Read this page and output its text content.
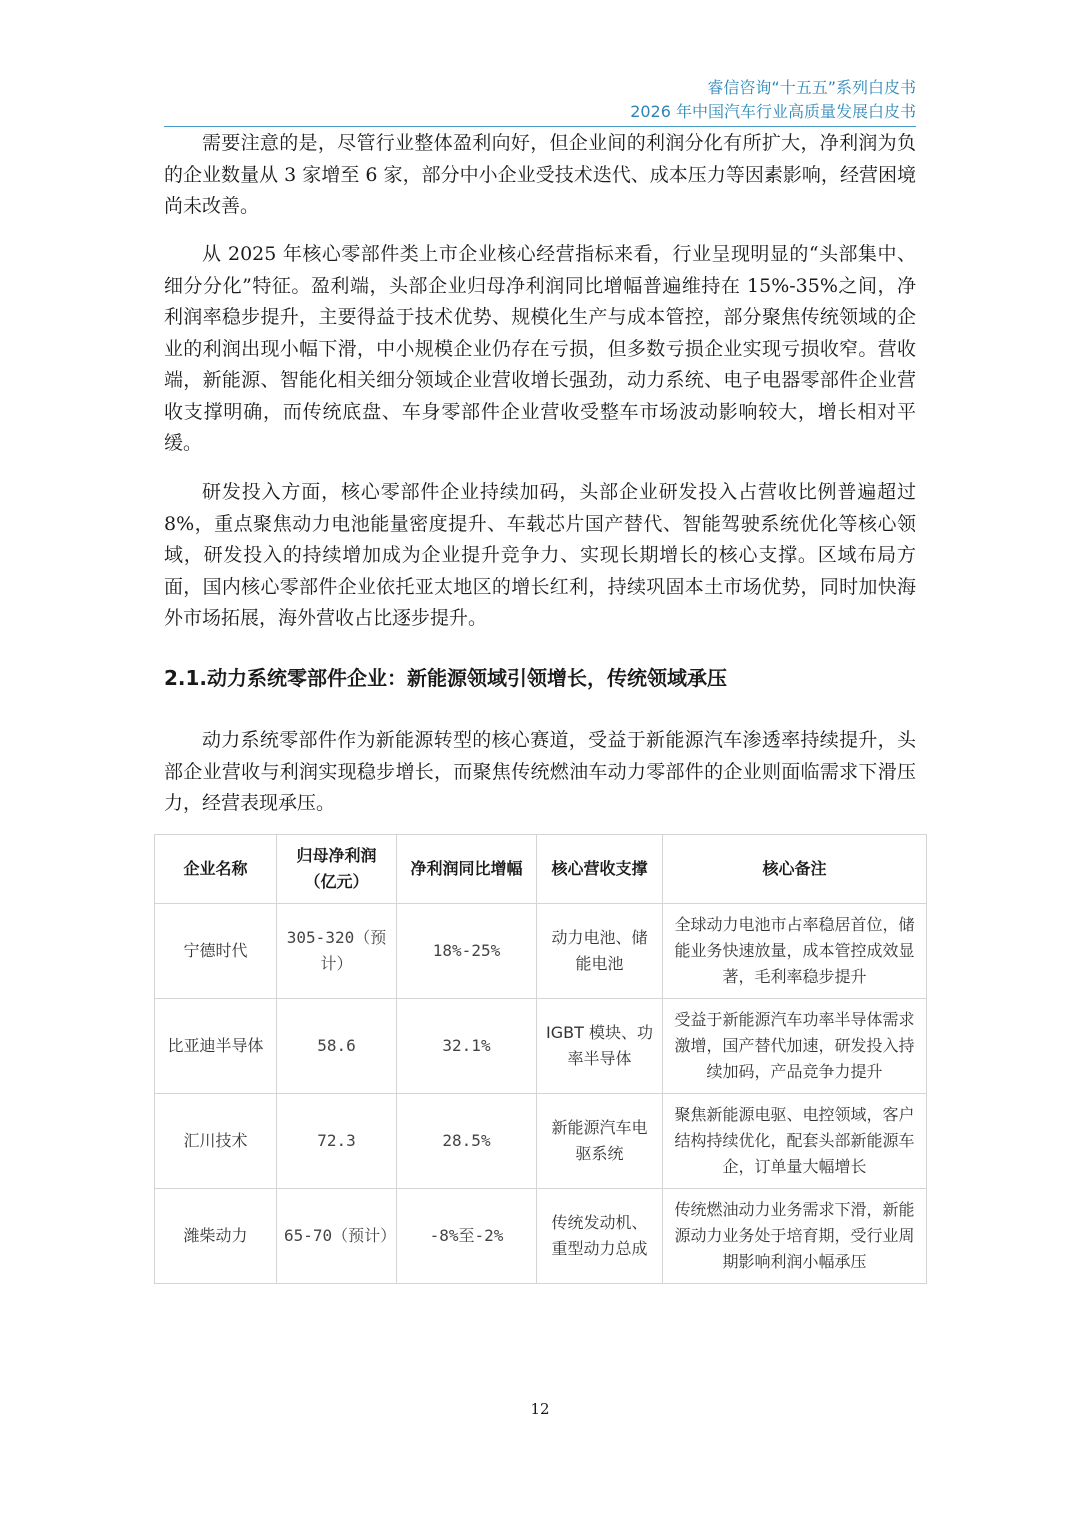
睿信咨询“十五五”系列白皮书
2026 年中国汽车行业高质量发展白皮书

需要注意的是，尽管行业整体盈利向好，但企业间的利润分化有所扩大，净利润为负的企业数量从 3 家增至 6 家，部分中小企业受技术迭代、成本压力等因素影响，经营困境尚未改善。

从 2025 年核心零部件类上市企业核心经营指标来看，行业呈现明显的“头部集中、细分分化”特征。盈利端，头部企业归母净利润同比增幅普遍维持在 15%-35%之间，净利润率稳步提升，主要得益于技术优势、规模化生产与成本管控，部分聚焦传统领域的企业的利润出现小幅下滑，中小规模企业仍存在亏损，但多数亏损企业实现亏损收窄。营收端，新能源、智能化相关细分领域企业营收增长强劲，动力系统、电子电器零部件企业营收支撑明确，而传统底盘、车身零部件企业营收受整车市场波动影响较大，增长相对平缓。

研发投入方面，核心零部件企业持续加码，头部企业研发投入占营收比例普遍超过 8%，重点聚焦动力电池能量密度提升、车载芯片国产替代、智能驾驶系统优化等核心领域，研发投入的持续增加成为企业提升竞争力、实现长期增长的核心支撑。区域布局方面，国内核心零部件企业依托亚太地区的增长红利，持续巩固本土市场优势，同时加快海外市场拓展，海外营收占比逐步提升。

2.1.动力系统零部件企业：新能源领域引领增长，传统领域承压

动力系统零部件作为新能源转型的核心赛道，受益于新能源汽车渗透率持续提升，头部企业营收与利润实现稳步增长，而聚焦传统燃油车动力零部件的企业则面临需求下滑压力，经营表现承压。

企业名称	归母净利润（亿元）	净利润同比增幅	核心营收支撑	核心备注
宁德时代	305-320（预计）	18%-25%	动力电池、储能电池	全球动力电池市占率稳居首位，储能业务快速放量，成本管控成效显著，毛利率稳步提升
比亚迪半导体	58.6	32.1%	IGBT 模块、功率半导体	受益于新能源汽车功率半导体需求激增，国产替代加速，研发投入持续加码，产品竞争力提升
汇川技术	72.3	28.5%	新能源汽车电驱系统	聚焦新能源电驱、电控领域，客户结构持续优化，配套头部新能源车企，订单量大幅增长
潍柴动力	65-70（预计）	-8%至-2%	传统发动机、重型动力总成	传统燃油动力业务需求下滑，新能源动力业务处于培育期，受行业周期影响利润小幅承压
12
